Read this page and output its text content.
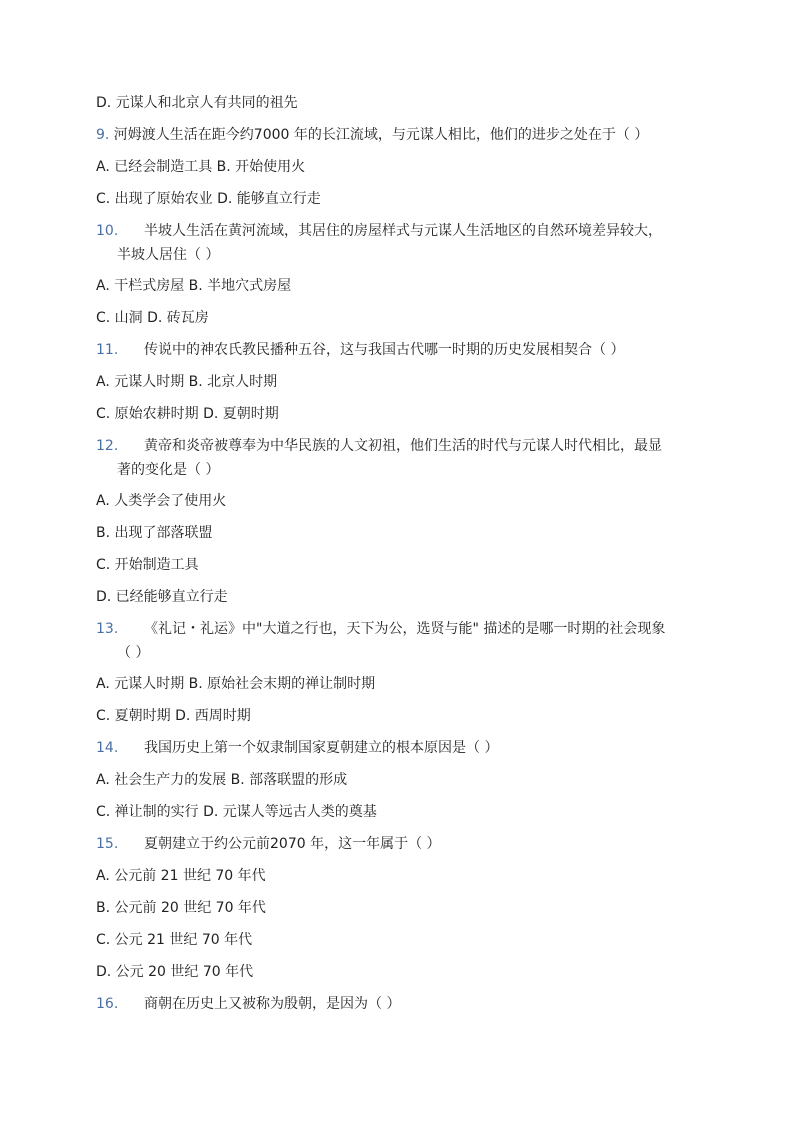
D. 元谋人和北京人有共同的祖先
9. 河姆渡人生活在距今约7000 年的长江流域，与元谋人相比，他们的进步之处在于（ ）
A. 已经会制造工具 B. 开始使用火
C. 出现了原始农业 D. 能够直立行走
10. 半坡人生活在黄河流域，其居住的房屋样式与元谋人生活地区的自然环境差异较大，
半坡人居住（ ）
A. 干栏式房屋 B. 半地穴式房屋
C. 山洞 D. 砖瓦房
11. 传说中的神农氏教民播种五谷，这与我国古代哪一时期的历史发展相契合（ ）
A. 元谋人时期 B. 北京人时期
C. 原始农耕时期 D. 夏朝时期
12. 黄帝和炎帝被尊奉为中华民族的人文初祖，他们生活的时代与元谋人时代相比，最显
著的变化是（ ）
A. 人类学会了使用火
B. 出现了部落联盟
C. 开始制造工具
D. 已经能够直立行走
13. 《礼记・礼运》中"大道之行也，天下为公，选贤与能" 描述的是哪一时期的社会现象
（ ）
A. 元谋人时期 B. 原始社会末期的禅让制时期
C. 夏朝时期 D. 西周时期
14. 我国历史上第一个奴隶制国家夏朝建立的根本原因是（ ）
A. 社会生产力的发展 B. 部落联盟的形成
C. 禅让制的实行 D. 元谋人等远古人类的奠基
15. 夏朝建立于约公元前2070 年，这一年属于（ ）
A. 公元前 21 世纪 70 年代
B. 公元前 20 世纪 70 年代
C. 公元 21 世纪 70 年代
D. 公元 20 世纪 70 年代
16. 商朝在历史上又被称为殷朝，是因为（ ）
